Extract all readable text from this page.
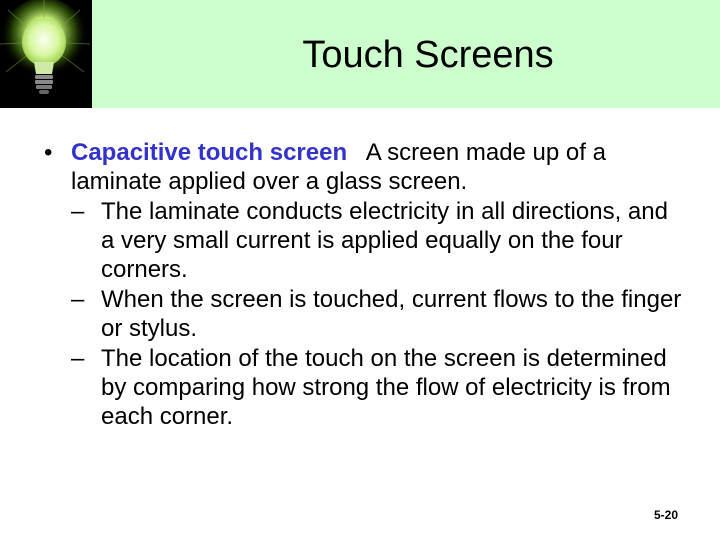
Touch Screens

• Capacitive touch screen A screen made up of a laminate applied over a glass screen.

– The laminate conducts electricity in all directions, and a very small current is applied equally on the four corners.

– When the screen is touched, current flows to the finger or stylus.

– The location of the touch on the screen is determined by comparing how strong the flow of electricity is from each corner.

5-20
